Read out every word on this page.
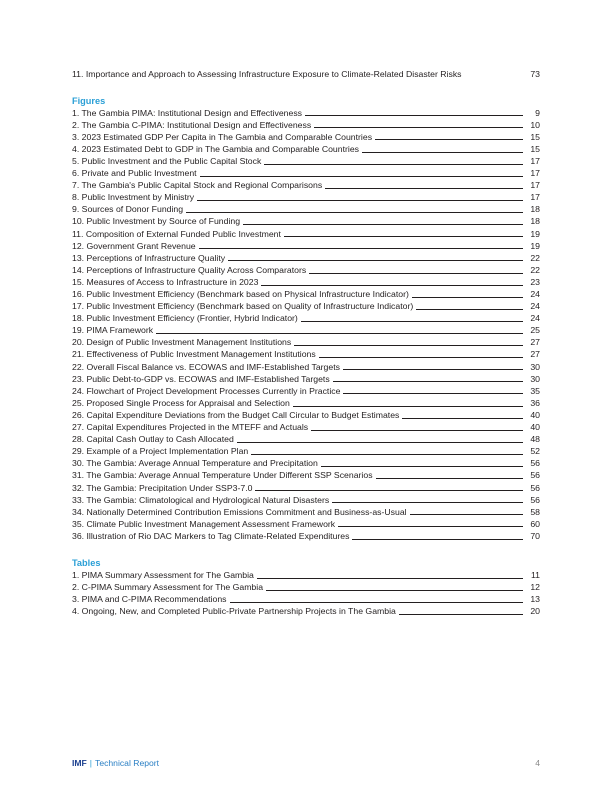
11. Importance and Approach to Assessing Infrastructure Exposure to Climate-Related Disaster Risks	73
Figures
1. The Gambia PIMA: Institutional Design and Effectiveness	9
2. The Gambia C-PIMA: Institutional Design and Effectiveness	10
3. 2023 Estimated GDP Per Capita in The Gambia and Comparable Countries	15
4. 2023 Estimated Debt to GDP in The Gambia and Comparable Countries	15
5. Public Investment and the Public Capital Stock	17
6. Private and Public Investment	17
7. The Gambia's Public Capital Stock and Regional Comparisons	17
8. Public Investment by Ministry	17
9. Sources of Donor Funding	18
10. Public Investment by Source of Funding	18
11. Composition of External Funded Public Investment	19
12. Government Grant Revenue	19
13. Perceptions of Infrastructure Quality	22
14. Perceptions of Infrastructure Quality Across Comparators	22
15. Measures of Access to Infrastructure in 2023	23
16. Public Investment Efficiency (Benchmark based on Physical Infrastructure Indicator)	24
17. Public Investment Efficiency (Benchmark based on Quality of Infrastructure Indicator)	24
18. Public Investment Efficiency (Frontier, Hybrid Indicator)	24
19. PIMA Framework	25
20. Design of Public Investment Management Institutions	27
21. Effectiveness of Public Investment Management Institutions	27
22. Overall Fiscal Balance vs. ECOWAS and IMF-Established Targets	30
23. Public Debt-to-GDP vs. ECOWAS and IMF-Established Targets	30
24. Flowchart of Project Development Processes Currently in Practice	35
25. Proposed Single Process for Appraisal and Selection	36
26. Capital Expenditure Deviations from the Budget Call Circular to Budget Estimates	40
27. Capital Expenditures Projected in the MTEFF and Actuals	40
28. Capital Cash Outlay to Cash Allocated	48
29. Example of a Project Implementation Plan	52
30. The Gambia: Average Annual Temperature and Precipitation	56
31. The Gambia: Average Annual Temperature Under Different SSP Scenarios	56
32. The Gambia: Precipitation Under SSP3-7.0	56
33. The Gambia: Climatological and Hydrological Natural Disasters	56
34. Nationally Determined Contribution Emissions Commitment and Business-as-Usual	58
35. Climate Public Investment Management Assessment Framework	60
36. Illustration of Rio DAC Markers to Tag Climate-Related Expenditures	70
Tables
1. PIMA Summary Assessment for The Gambia	11
2. C-PIMA Summary Assessment for The Gambia	12
3. PIMA and C-PIMA Recommendations	13
4. Ongoing, New, and Completed Public-Private Partnership Projects in The Gambia	20
IMF | Technical Report	4
